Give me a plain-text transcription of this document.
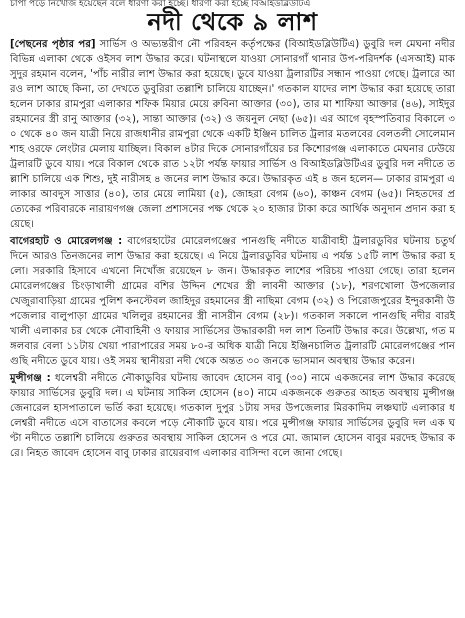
চাপা পড়ে নিখোঁজ হয়েছেন বলে ধারণা করা হচ্ছে। ধারণা করা হচ্ছে বিআইডব্লিউটিএ
নদী থেকে ৯ লাশ

[পেছনের পৃষ্ঠার পর] সার্ভিস ও অভ্যন্তরীণ নৌ পরিবহন কর্তৃপক্ষের (বিআইডব্লিউটিএ) ডুবুরি দল মেঘনা নদীর বিভিন্ন এলাকা থেকে ওইসব লাশ উদ্ধার করে। ঘটনাস্থলে যাওয়া সোনারগাঁ থানার উপ-পরিদর্শক (এসআই) মাকসুদুর রহমান বলেন, 'পাঁচ নারীর লাশ উদ্ধার করা হয়েছে। ডুবে যাওয়া ট্রলারটির সন্ধান পাওয়া গেছে। ট্রলারে আরও লাশ আছে কিনা, তা দেখতে ডুবুরিরা তল্লাশি চালিয়ে যাচ্ছেন।' গতকাল যাদের লাশ উদ্ধার করা হয়েছে তারা হলেন ঢাকার রামপুরা এলাকার শফিক মিয়ার মেয়ে রুবিনা আক্তার (৩০), তার মা শাফিয়া আক্তার (৪৬), সাইদুর রহমানের স্ত্রী রানু আক্তার (৩২), সান্তা আক্তার (৩২) ও জয়নুল নেছা (৬৫)। এর আগে বৃহস্পতিবার বিকালে ৩০ থেকে ৪০ জন যাত্রী নিয়ে রাজধানীর রামপুরা থেকে একটি ইঞ্জিন চালিত ট্রলার মতলবের বেলতলী সোলেমান শাহ ওরফে লেংটার মেলায় যাচ্ছিল। বিকাল ৪টার দিকে সোনারগাঁয়ের চর কিশোরগঞ্জ এলাকাতে মেঘনার ঢেউয়ে ট্রলারটি ডুবে যায়। পরে বিকাল থেকে রাত ১২টা পর্যন্ত ফায়ার সার্ভিস ও বিআইডব্লিউটিএর ডুবুরি দল নদীতে তল্লাশি চালিয়ে এক শিশু, দুই নারীসহ ৪ জনের লাশ উদ্ধার করে। উদ্ধারকৃত এই ৪ জন হলেন— ঢাকার রামপুরা এলাকার আবদুস সাত্তার (৪০), তার মেয়ে লামিয়া (৫), জোহরা বেগম (৬০), কাঞ্চন বেগম (৬৫)। নিহতদের প্রত্যেকের পরিবারকে নারায়ণগঞ্জ জেলা প্রশাসনের পক্ষ থেকে ২০ হাজার টাকা করে আর্থিক অনুদান প্রদান করা হয়েছে।

বাগেরহাট ও মোরেলগঞ্জ : বাগেরহাটের মোরেলগঞ্জের পানগুছি নদীতে যাত্রীবাহী ট্রলারডুবির ঘটনায় চতুর্থ দিনে আরও তিনজনের লাশ উদ্ধার করা হয়েছে। এ নিয়ে ট্রলারডুবির ঘটনায় এ পর্যন্ত ১৫টি লাশ উদ্ধার করা হলো। সরকারি হিসাবে এখনো নিখোঁজ রয়েছেন ৮ জন। উদ্ধারকৃত লাশের পরিচয় পাওয়া গেছে। তারা হলেন মোরেলগঞ্জের চিংড়াখালী গ্রামের বশির উদ্দিন শেখের স্ত্রী লাবনী আক্তার (১৮), শরণখোলা উপজেলার খেজুরাবাড়িয়া গ্রামের পুলিশ কনস্টেবল জাহিদুর রহমানের স্ত্রী নাছিমা বেগম (৩২) ও পিরোজপুরের ইন্দুরকানী উপজেলার বালুপাড়া গ্রামের খলিলুর রহমানের স্ত্রী নাসরীন বেগম (২৮)। গতকাল সকালে পানগুছি নদীর বারইখালী এলাকার চর থেকে নৌবাহিনী ও ফায়ার সার্ভিসের উদ্ধারকারী দল লাশ তিনটি উদ্ধার করে। উল্লেখ্য, গত মঙ্গলবার বেলা ১১টায় খেয়া পারাপারের সময় ৮০-র অধিক যাত্রী নিয়ে ইঞ্জিনচালিত ট্রলারটি মোরেলগঞ্জের পানগুছি নদীতে ডুবে যায়। ওই সময় স্থানীয়রা নদী থেকে অন্তত ৩০ জনকে ভাসমান অবস্থায় উদ্ধার করেন।

মুন্সীগঞ্জ : ধলেশ্বরী নদীতে নৌকাডুবির ঘটনায় জাবেদ হোসেন বাবু (৩০) নামে একজনের লাশ উদ্ধার করেছে ফায়ার সার্ভিসের ডুবুরি দল। এ ঘটনায় সাকিল হোসেন (৪০) নামে একজনকে গুরুতর আহত অবস্থায় মুন্সীগঞ্জ জেনারেল হাসপাতালে ভর্তি করা হয়েছে। গতকাল দুপুর ১টায় সদর উপজেলার মিরকাদিম লঞ্চঘাট এলাকার ধলেশ্বরী নদীতে এসে বাতাসের কবলে পড়ে নৌকাটি ডুবে যায়। পরে মুন্সীগঞ্জ ফায়ার সার্ভিসের ডুবুরি দল এক ঘণ্টা নদীতে তল্লাশি চালিয়ে গুরুতর অবস্থায় সাকিল হোসেন ও পরে মো. জামাল হোসেন বাবুর মরদেহ উদ্ধার করে। নিহত জাবেদ হোসেন বাবু ঢাকার রায়েরবাগ এলাকার বাসিন্দা বলে জানা গেছে।
